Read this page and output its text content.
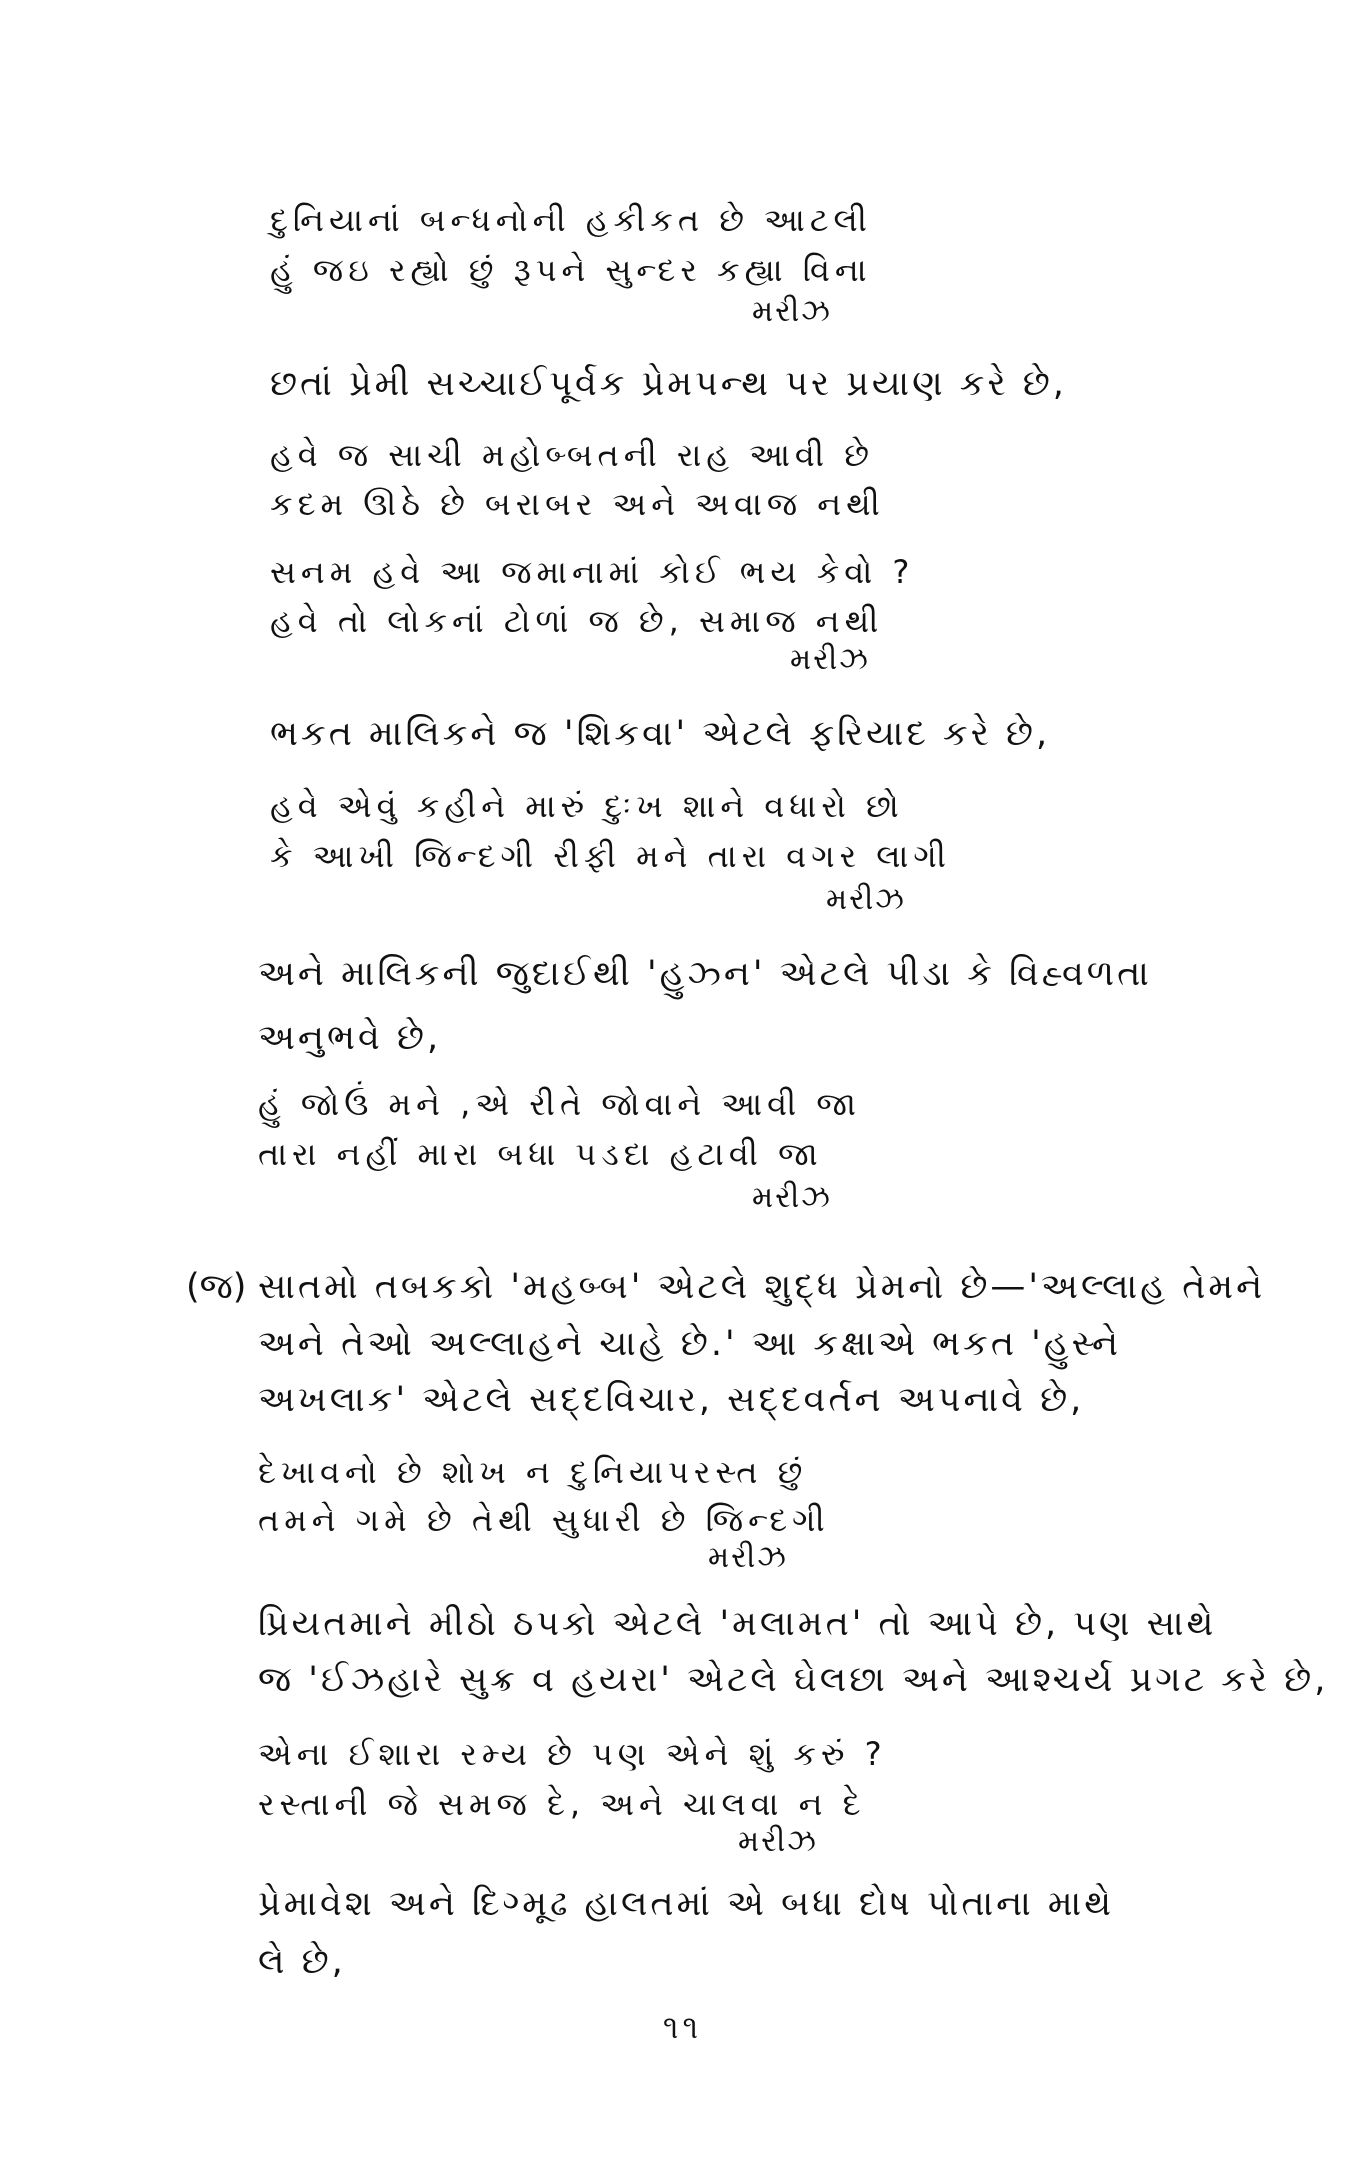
દુનિયાનાં બન્ધનોની હકીકત છે આટલી
હું જઇ રહ્યો છું રૂપને સુન્દર કહ્યા વિના
મરીઝ
છતાં પ્રેમી સચ્ચાઈપૂર્વક પ્રેમપન્થ પર પ્રયાણ કરે છે,
હવે જ સાચી મહોબ્બતની રાહ આવી છે
કદમ ઊઠે છે બરાબર અને અવાજ નથી
સનમ હવે આ જમાનામાં કોઈ ભય કેવો ?
હવે તો લોકનાં ટોળાં જ છે, સમાજ નથી
મરીઝ
ભકત માલિકને જ 'શિકવા' એટલે ફરિયાદ કરે છે,
હવે એવું કહીને મારું દુઃખ શાને વધારો છો
કે આખી જિન્દગી રીફી મને તારા વગર લાગી
મરીઝ
અને માલિકની જુદાઈથી 'હુઝ્ન' એટલે પીડા કે વિહ્વળતા
અનુભવે છે,
હું જોઉં મને ,એ રીતે જોવાને આવી જા
તારા નહીં મારા બધા પડદા હટાવી જા
મરીઝ
(જ) સાતમો તબકકો 'મહબ્બ' એટલે શુદ્ધ પ્રેમનો છે—'અલ્લાહ તેમને
અને તેઓ અલ્લાહને ચાહે છે.' આ કક્ષાએ ભકત 'હુસ્ને
અખલાક' એટલે સદ્દવિચાર, સદ્દવર્તન અપનાવે છે,
દેખાવનો છે શોખ ન દુનિયાપરસ્ત છું
તમને ગમે છે તેથી સુધારી છે જિન્દગી
મરીઝ
પ્રિયતમાને મીઠો ઠપકો એટલે 'મલામત' તો આપે છે, પણ સાથે
જ 'ઈઝહારે સુક્ર વ હયરા' એટલે ઘેલછા અને આશ્ચર્ય પ્રગટ કરે છે,
એના ઈશારા રમ્ય છે પણ એને શું કરું ?
રસ્તાની જે સમજ દે, અને ચાલવા ન દે
મરીઝ
પ્રેમાવેશ અને દિગ્મૂઢ હાલતમાં એ બધા દોષ પોતાના માથે
લે છે,
૧૧
